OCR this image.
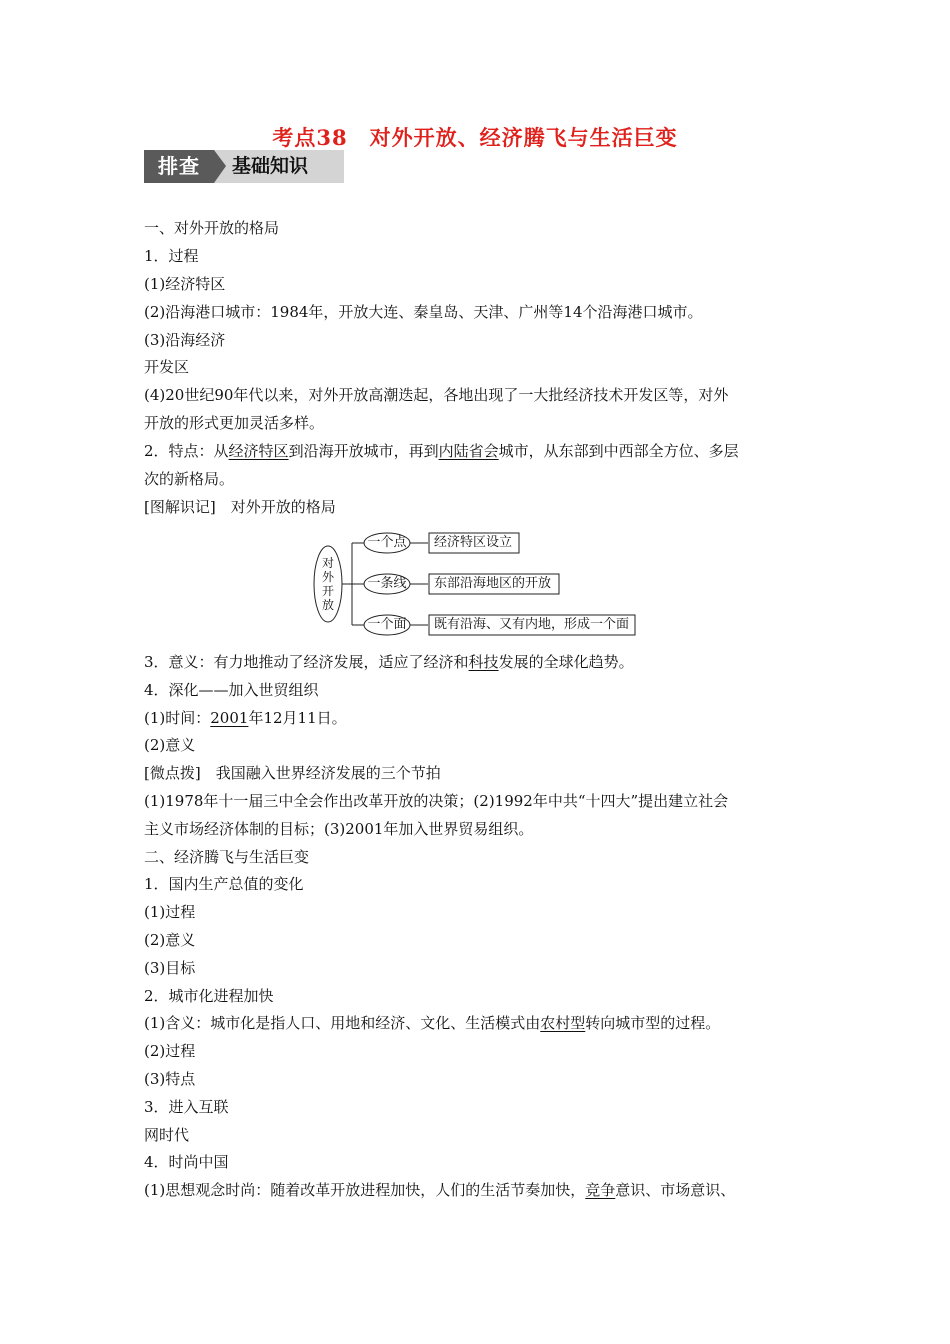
考点38　对外开放、经济腾飞与生活巨变
排查	基础知识
一、对外开放的格局
1．过程
(1)经济特区
(2)沿海港口城市：1984年，开放大连、秦皇岛、天津、广州等14个沿海港口城市。
(3)沿海经济
开发区
(4)20世纪90年代以来，对外开放高潮迭起，各地出现了一大批经济技术开发区等，对外
开放的形式更加灵活多样。
2．特点：从经济特区到沿海开放城市，再到内陆省会城市，从东部到中西部全方位、多层
次的新格局。
[图解识记]　对外开放的格局
对
外
开
放
一个点
一条线
一个面
经济特区设立
东部沿海地区的开放
既有沿海、又有内地，形成一个面
3．意义：有力地推动了经济发展，适应了经济和科技发展的全球化趋势。
4．深化——加入世贸组织
(1)时间：2001年12月11日。
(2)意义
[微点拨]　我国融入世界经济发展的三个节拍
(1)1978年十一届三中全会作出改革开放的决策；(2)1992年中共“十四大”提出建立社会
主义市场经济体制的目标；(3)2001年加入世界贸易组织。
二、经济腾飞与生活巨变
1．国内生产总值的变化
(1)过程
(2)意义
(3)目标
2．城市化进程加快
(1)含义：城市化是指人口、用地和经济、文化、生活模式由农村型转向城市型的过程。
(2)过程
(3)特点
3．进入互联
网时代
4．时尚中国
(1)思想观念时尚：随着改革开放进程加快，人们的生活节奏加快，竞争意识、市场意识、
